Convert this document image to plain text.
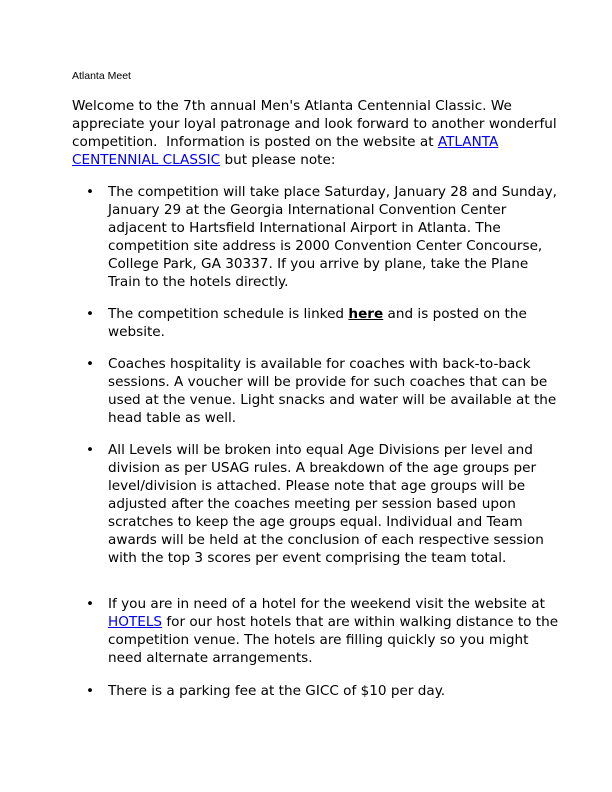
Atlanta Meet
Welcome to the 7th annual Men's Atlanta Centennial Classic. We
appreciate your loyal patronage and look forward to another wonderful
competition.  Information is posted on the website at ATLANTA
CENTENNIAL CLASSIC but please note:
• The competition will take place Saturday, January 28 and Sunday,
January 29 at the Georgia International Convention Center
adjacent to Hartsfield International Airport in Atlanta. The
competition site address is 2000 Convention Center Concourse,
College Park, GA 30337. If you arrive by plane, take the Plane
Train to the hotels directly.
• The competition schedule is linked here and is posted on the
website.
• Coaches hospitality is available for coaches with back-to-back
sessions. A voucher will be provide for such coaches that can be
used at the venue. Light snacks and water will be available at the
head table as well.
• All Levels will be broken into equal Age Divisions per level and
division as per USAG rules. A breakdown of the age groups per
level/division is attached. Please note that age groups will be
adjusted after the coaches meeting per session based upon
scratches to keep the age groups equal. Individual and Team
awards will be held at the conclusion of each respective session
with the top 3 scores per event comprising the team total.
• If you are in need of a hotel for the weekend visit the website at
HOTELS for our host hotels that are within walking distance to the
competition venue. The hotels are filling quickly so you might
need alternate arrangements.
• There is a parking fee at the GICC of $10 per day.
